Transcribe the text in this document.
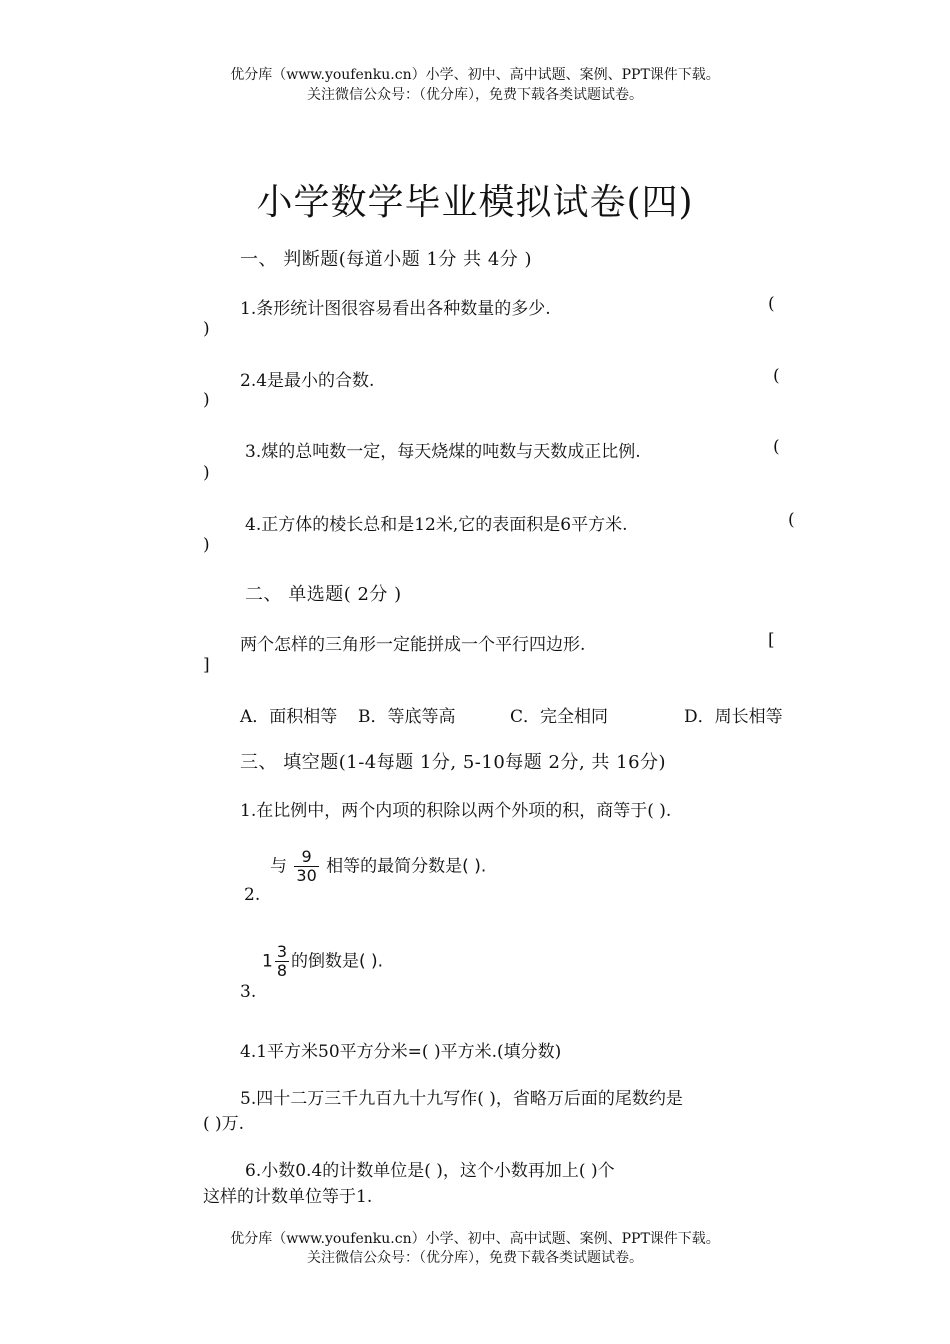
优分库（www.youfenku.cn）小学、初中、高中试题、案例、PPT课件下载。
关注微信公众号：（优分库），免费下载各类试题试卷。
小学数学毕业模拟试卷(四)
一、 判断题(每道小题 1分 共 4分 )
1.条形统计图很容易看出各种数量的多少.	(
)
2.4是最小的合数.	(
)
3.煤的总吨数一定，每天烧煤的吨数与天数成正比例.	(
)
4.正方体的棱长总和是12米,它的表面积是6平方米.	(
)
二、 单选题( 2分 )
两个怎样的三角形一定能拼成一个平行四边形.	[
]
A．面积相等 B．等底等高	C．完全相同	D．周长相等
三、 填空题(1-4每题 1分, 5-10每题 2分, 共 16分)
1.在比例中，两个内项的积除以两个外项的积，商等于( ).
与 $\frac{9}{30}$ 相等的最简分数是( ).
2.
$1 \frac{3}{8}$ 的倒数是( ).
3.
4.1平方米50平方分米=( )平方米.(填分数)
5.四十二万三千九百九十九写作( )，省略万后面的尾数约是
( )万.
6.小数0.4的计数单位是( )，这个小数再加上( )个
这样的计数单位等于1.
优分库（www.youfenku.cn）小学、初中、高中试题、案例、PPT课件下载。
关注微信公众号：（优分库），免费下载各类试题试卷。
